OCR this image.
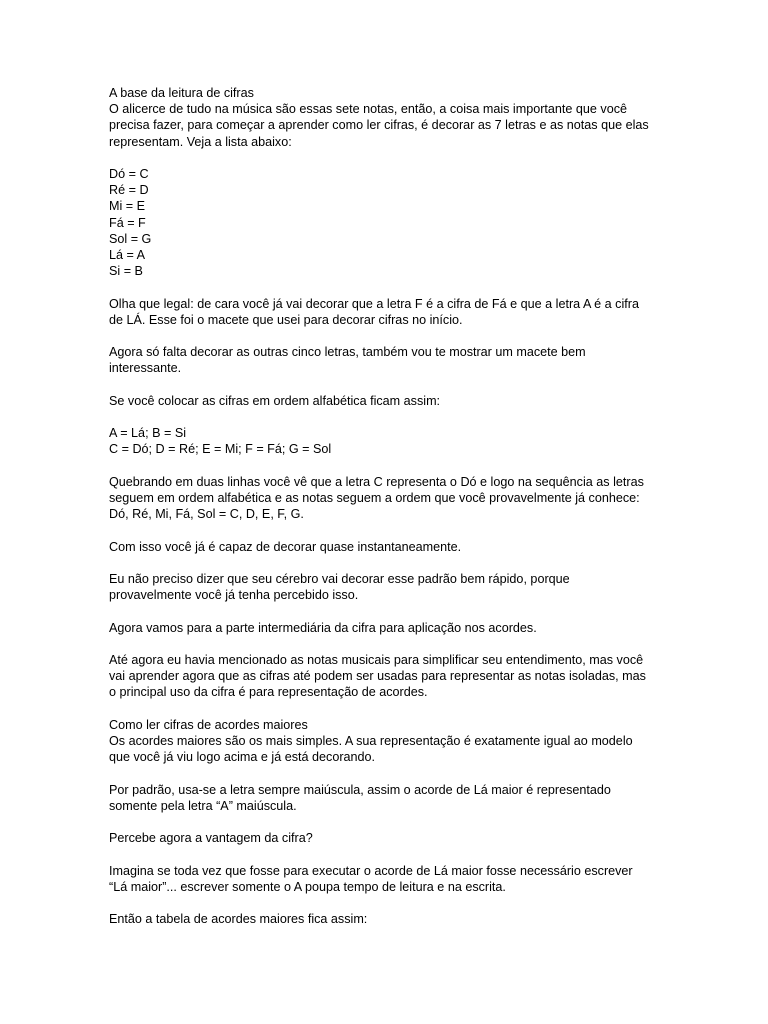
A base da leitura de cifras
O alicerce de tudo na música são essas sete notas, então, a coisa mais importante que você
precisa fazer, para começar a aprender como ler cifras, é decorar as 7 letras e as notas que elas
representam. Veja a lista abaixo:
Dó = C
Ré = D
Mi = E
Fá = F
Sol = G
Lá = A
Si = B
Olha que legal: de cara você já vai decorar que a letra F é a cifra de Fá e que a letra A é a cifra
de LÁ. Esse foi o macete que usei para decorar cifras no início.
Agora só falta decorar as outras cinco letras, também vou te mostrar um macete bem
interessante.
Se você colocar as cifras em ordem alfabética ficam assim:
A = Lá; B = Si
C = Dó; D = Ré; E = Mi; F = Fá; G = Sol
Quebrando em duas linhas você vê que a letra C representa o Dó e logo na sequência as letras
seguem em ordem alfabética e as notas seguem a ordem que você provavelmente já conhece:
Dó, Ré, Mi, Fá, Sol = C, D, E, F, G.
Com isso você já é capaz de decorar quase instantaneamente.
Eu não preciso dizer que seu cérebro vai decorar esse padrão bem rápido, porque
provavelmente você já tenha percebido isso.
Agora vamos para a parte intermediária da cifra para aplicação nos acordes.
Até agora eu havia mencionado as notas musicais para simplificar seu entendimento, mas você
vai aprender agora que as cifras até podem ser usadas para representar as notas isoladas, mas
o principal uso da cifra é para representação de acordes.
Como ler cifras de acordes maiores
Os acordes maiores são os mais simples. A sua representação é exatamente igual ao modelo
que você já viu logo acima e já está decorando.
Por padrão, usa-se a letra sempre maiúscula, assim o acorde de Lá maior é representado
somente pela letra “A” maiúscula.
Percebe agora a vantagem da cifra?
Imagina se toda vez que fosse para executar o acorde de Lá maior fosse necessário escrever
“Lá maior”... escrever somente o A poupa tempo de leitura e na escrita.
Então a tabela de acordes maiores fica assim:
